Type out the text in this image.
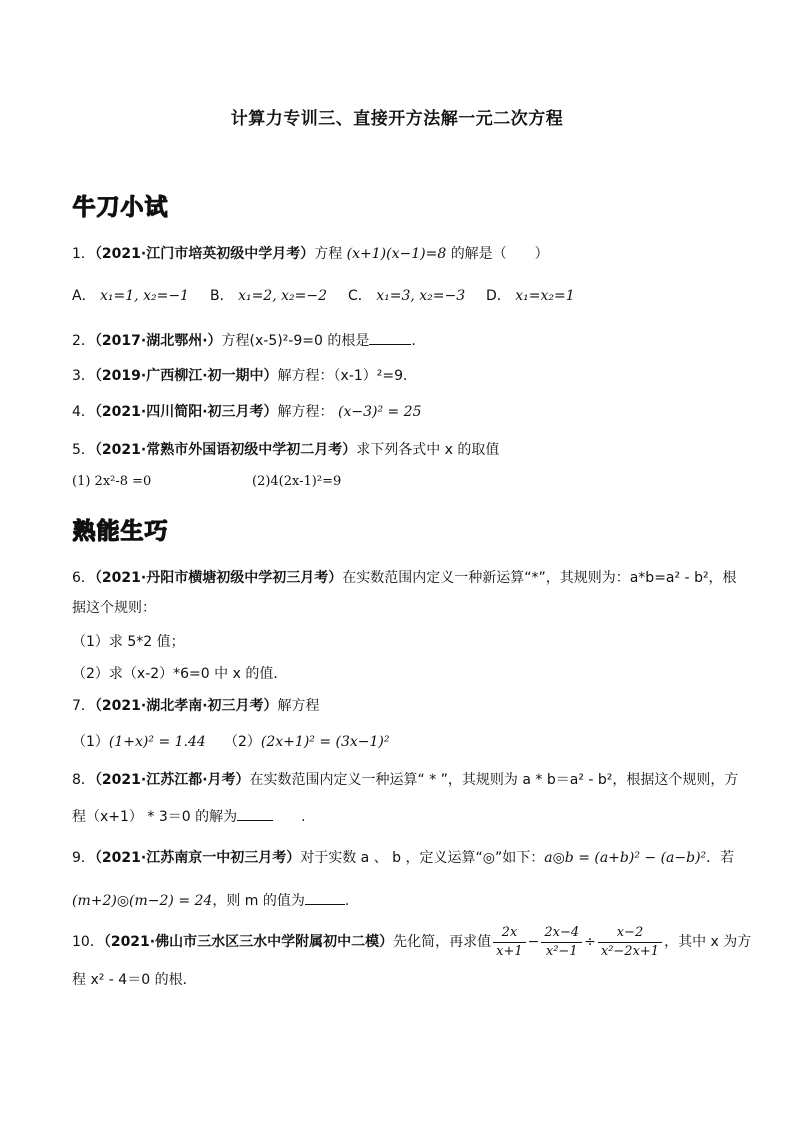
计算力专训三、直接开方法解一元二次方程
牛刀小试
1．（2021·江门市培英初级中学月考）方程 (x+1)(x−1)=8 的解是（　　）
A． x₁=1, x₂=−1 B． x₁=2, x₂=−2 C． x₁=3, x₂=−3 D． x₁=x₂=1
2．（2017·湖北鄂州·）方程(x-5)²-9=0 的根是	.
3．（2019·广西柳江·初一期中）解方程：（x-1）²=9．
4．（2021·四川简阳·初三月考）解方程： (x−3)² = 25
5．（2021·常熟市外国语初级中学初二月考）求下列各式中 x 的取值
(1) 2x²-8 =0	(2)4(2x-1)²=9
熟能生巧
6．（2021·丹阳市横塘初级中学初三月考）在实数范围内定义一种新运算“*”，其规则为：a*b=a² - b²，根
据这个规则：
（1）求 5*2 值；
（2）求（x-2）*6=0 中 x 的值．
7．（2021·湖北孝南·初三月考）解方程
（1）(1+x)² = 1.44 （2）(2x+1)² = (3x−1)²
8．（2021·江苏江都·月考）在实数范围内定义一种运算“ * ”，其规则为 a * b＝a² - b²，根据这个规则，方
程（x+1） * 3＝0 的解为	.
9．（2021·江苏南京一中初三月考）对于实数 a 、 b ，定义运算“◎”如下：a◎b = (a+b)² − (a−b)²．若
(m+2)◎(m−2) = 24，则 m 的值为	.
10．（2021·佛山市三水区三水中学附属初中二模）先化简，再求值 $\frac{2x}{x+1} - \frac{2x-4}{\text{x²−1}} \div \frac{x-2}{\text{x²−2x+1}}$ ，其中 x 为方
程 x² - 4＝0 的根．
